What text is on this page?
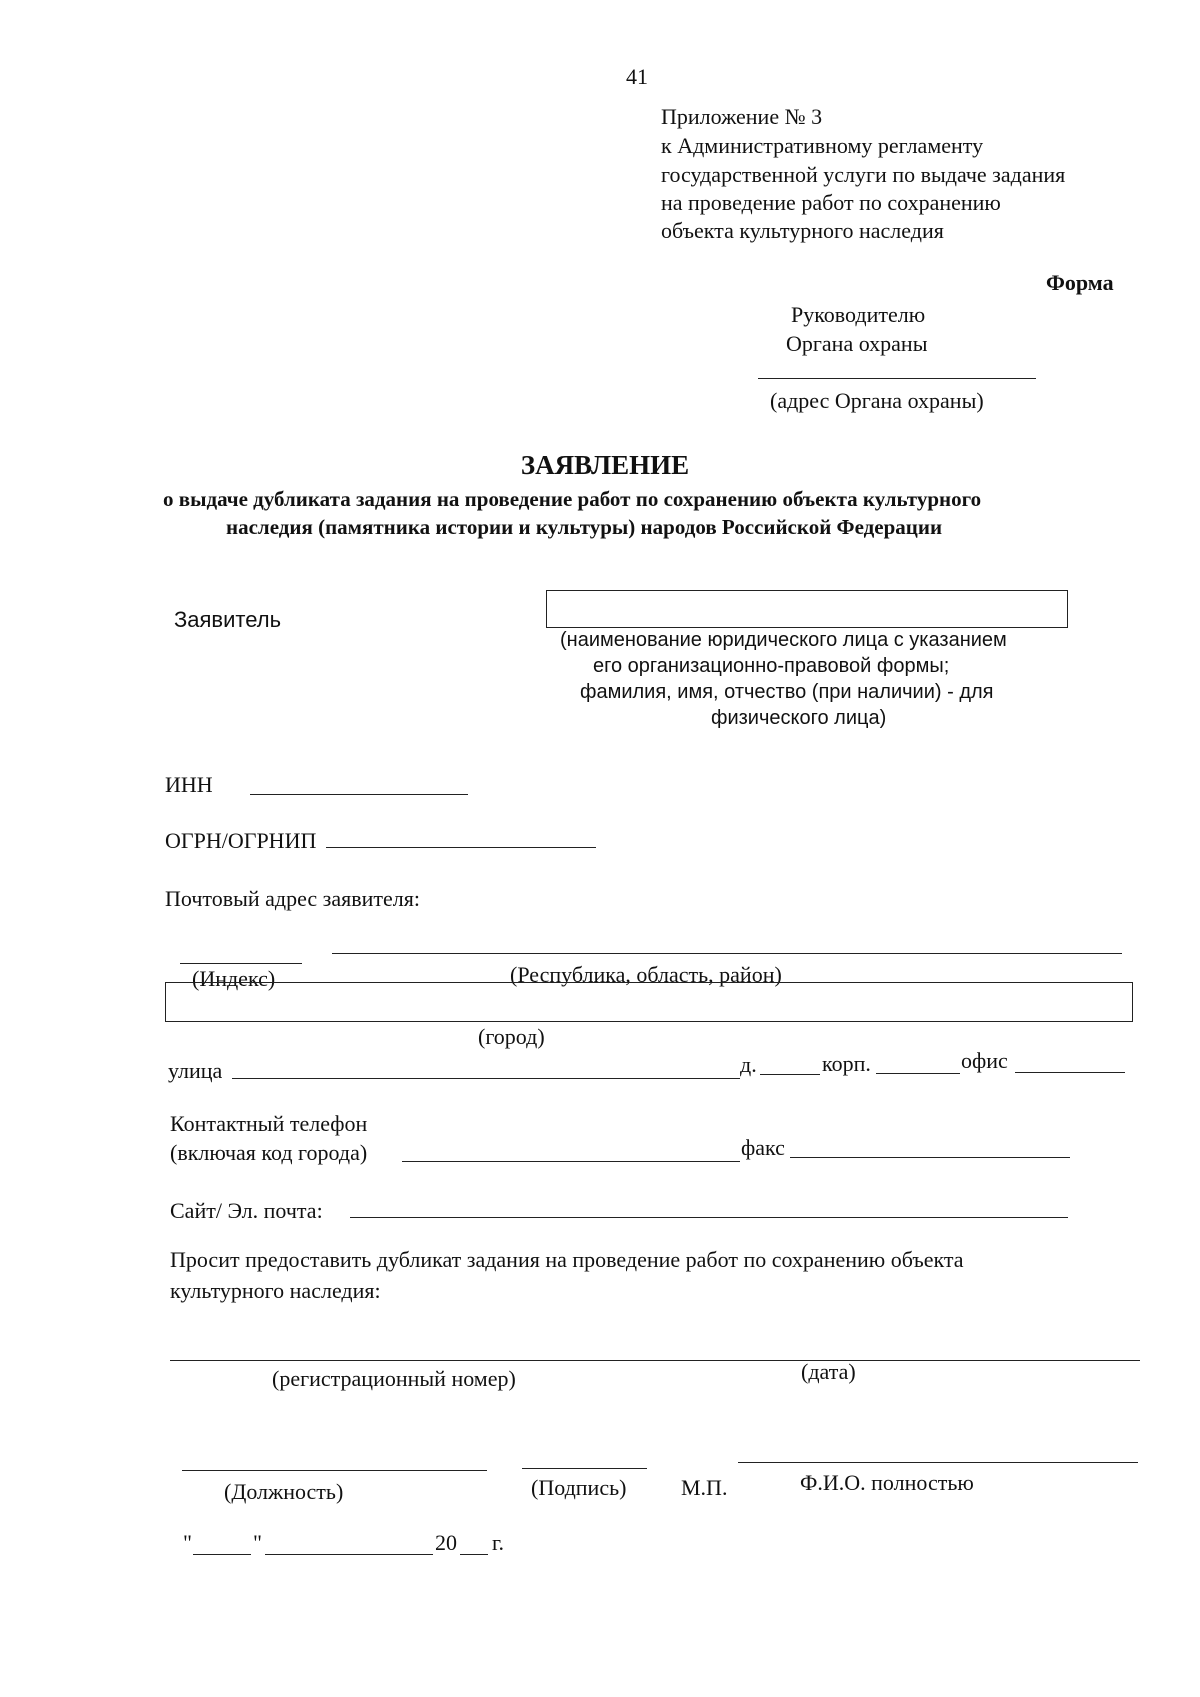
41
Приложение № 3
к Административному регламенту
государственной услуги по выдаче задания
на проведение работ по сохранению
объекта культурного наследия
Форма
Руководителю
Органа охраны
(адрес Органа охраны)
ЗАЯВЛЕНИЕ
о выдаче дубликата задания на проведение работ по сохранению объекта культурного
наследия (памятника истории и культуры) народов Российской Федерации
Заявитель
(наименование юридического лица с указанием
его организационно-правовой формы;
фамилия, имя, отчество (при наличии) - для
физического лица)
ИНН
ОГРН/ОГРНИП
Почтовый адрес заявителя:
(Индекс)	(Республика, область, район)
(город)
улица	д.	корп.	офис
Контактный телефон
(включая код города)	факс
Сайт/ Эл. почта:
Просит предоставить дубликат задания на проведение работ по сохранению объекта
культурного наследия:
(регистрационный номер)	(дата)
(Должность)	(Подпись) М.П.	Ф.И.О. полностью
"	"	20 г.
